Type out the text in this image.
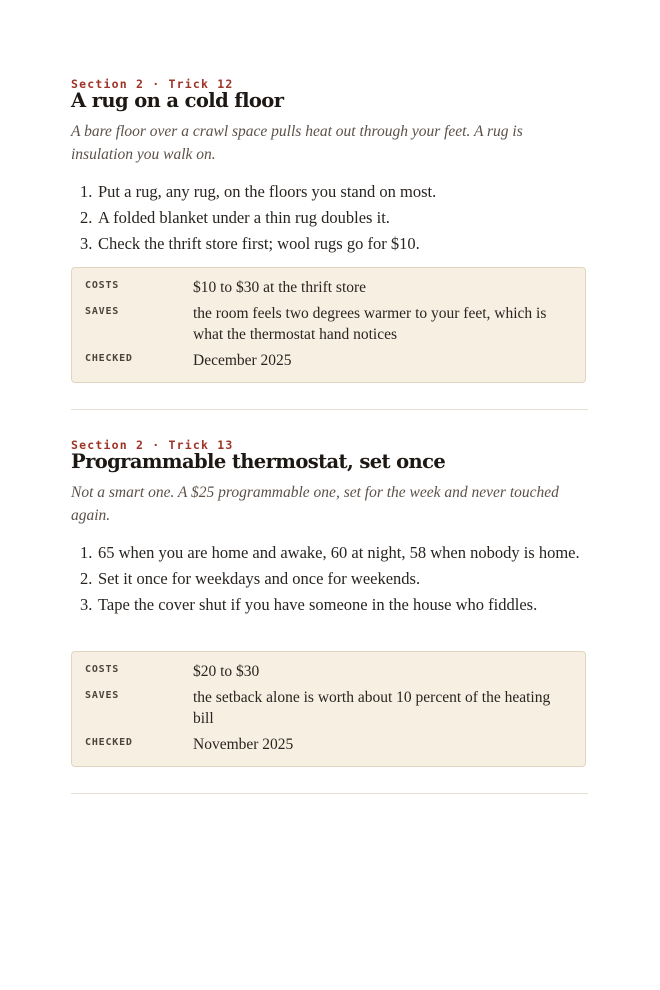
Section 2 · Trick 12
A rug on a cold floor

A bare floor over a crawl space pulls heat out through your feet. A rug is insulation you walk on.

1. Put a rug, any rug, on the floors you stand on most.
2. A folded blanket under a thin rug doubles it.
3. Check the thrift store first; wool rugs go for $10.
COSTS	$10 to $30 at the thrift store
SAVES	the room feels two degrees warmer to your feet, which is what the thermostat hand notices
CHECKED	December 2025
Section 2 · Trick 13
Programmable thermostat, set once

Not a smart one. A $25 programmable one, set for the week and never touched again.

1. 65 when you are home and awake, 60 at night, 58 when nobody is home.
2. Set it once for weekdays and once for weekends.
3. Tape the cover shut if you have someone in the house who fiddles.
COSTS	$20 to $30
SAVES	the setback alone is worth about 10 percent of the heating bill
CHECKED	November 2025
